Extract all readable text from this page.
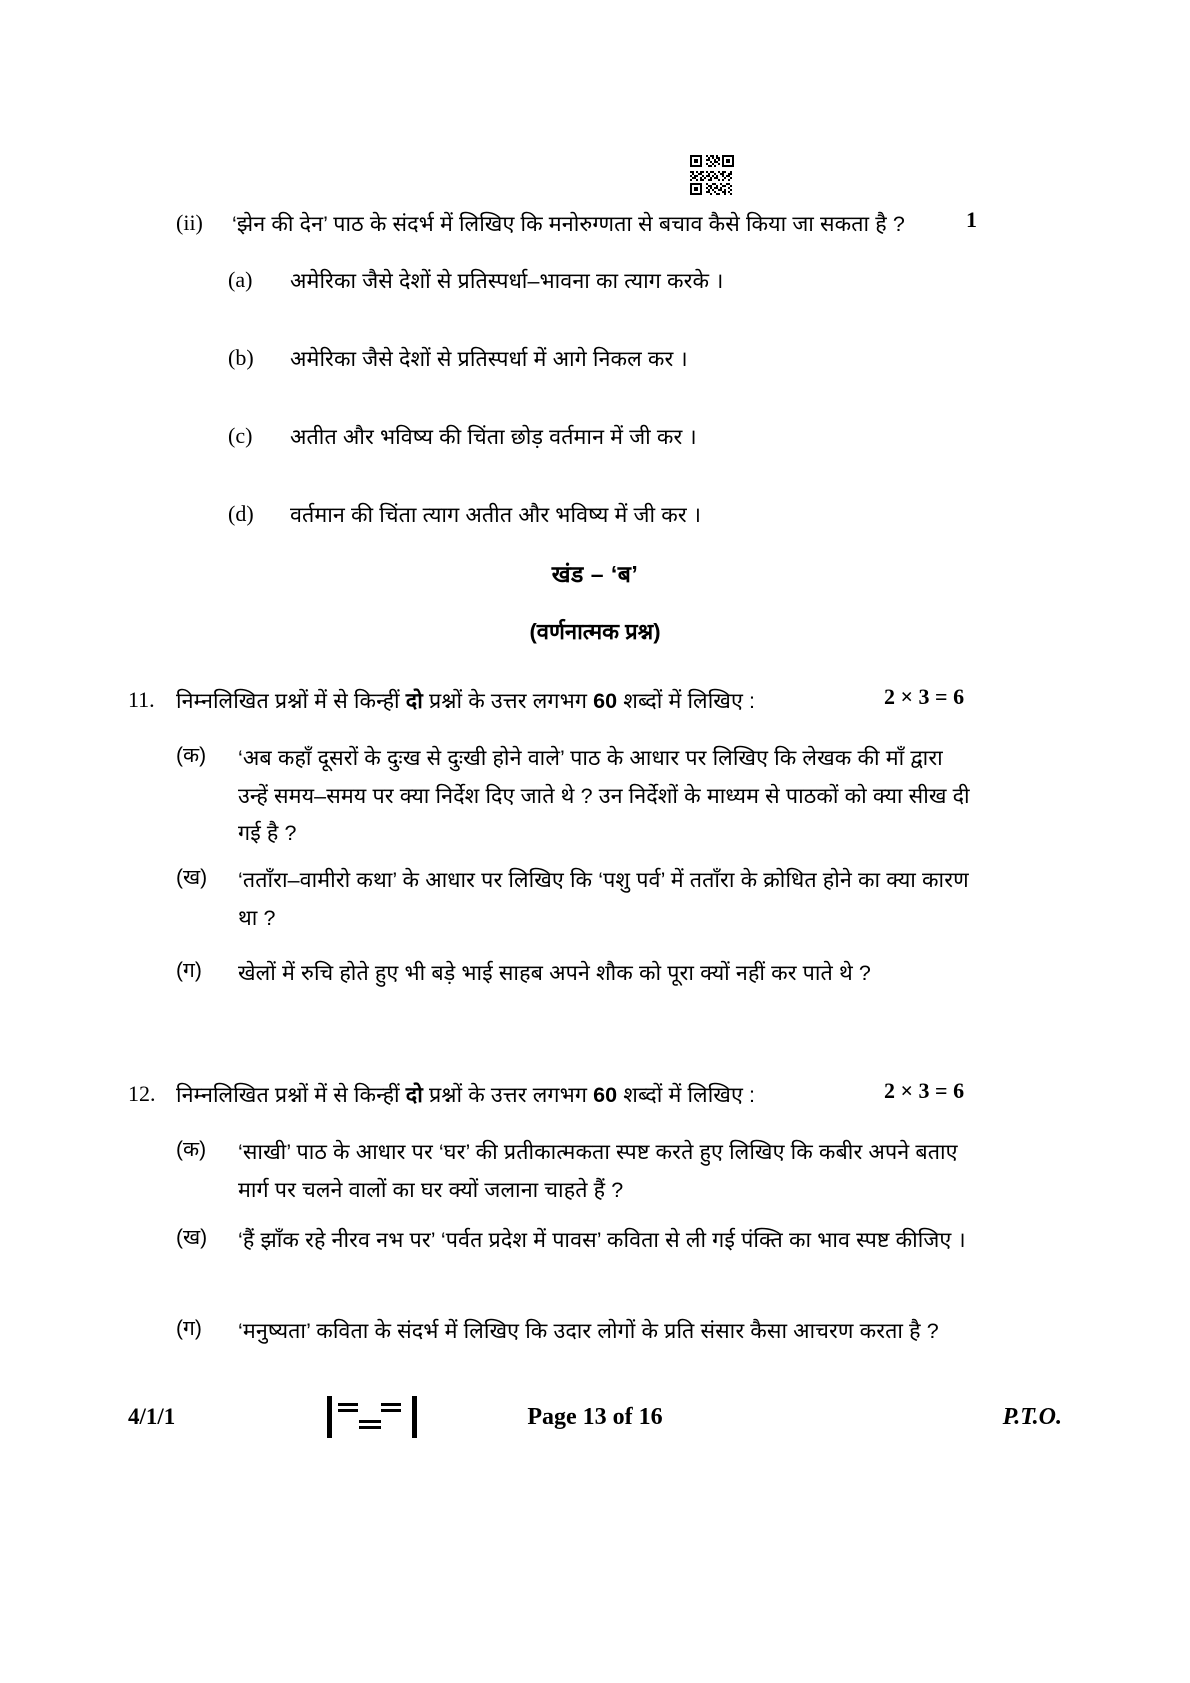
(ii)	‘झेन की देन’ पाठ के संदर्भ में लिखिए कि मनोरुग्णता से बचाव कैसे किया जा सकता है ?	1
(a)	अमेरिका जैसे देशों से प्रतिस्पर्धा–भावना का त्याग करके ।
(b)	अमेरिका जैसे देशों से प्रतिस्पर्धा में आगे निकल कर ।
(c)	अतीत और भविष्य की चिंता छोड़ वर्तमान में जी कर ।
(d)	वर्तमान की चिंता त्याग अतीत और भविष्य में जी कर ।
खंड – ‘ब’
(वर्णनात्मक प्रश्न)
11. निम्नलिखित प्रश्नों में से किन्हीं दो प्रश्नों के उत्तर लगभग 60 शब्दों में लिखिए :	2 × 3 = 6
(क)	‘अब कहाँ दूसरों के दुःख से दुःखी होने वाले’ पाठ के आधार पर लिखिए कि लेखक की माँ द्वारा उन्हें समय–समय पर क्या निर्देश दिए जाते थे ? उन निर्देशों के माध्यम से पाठकों को क्या सीख दी गई है ?
(ख)	‘तताँरा–वामीरो कथा’ के आधार पर लिखिए कि ‘पशु पर्व’ में तताँरा के क्रोधित होने का क्या कारण था ?
(ग)	खेलों में रुचि होते हुए भी बड़े भाई साहब अपने शौक को पूरा क्यों नहीं कर पाते थे ?
12. निम्नलिखित प्रश्नों में से किन्हीं दो प्रश्नों के उत्तर लगभग 60 शब्दों में लिखिए :	2 × 3 = 6
(क)	‘साखी’ पाठ के आधार पर ‘घर’ की प्रतीकात्मकता स्पष्ट करते हुए लिखिए कि कबीर अपने बताए मार्ग पर चलने वालों का घर क्यों जलाना चाहते हैं ?
(ख)	‘हैं झाँक रहे नीरव नभ पर’ ‘पर्वत प्रदेश में पावस’ कविता से ली गई पंक्ति का भाव स्पष्ट कीजिए ।
(ग)	‘मनुष्यता’ कविता के संदर्भ में लिखिए कि उदार लोगों के प्रति संसार कैसा आचरण करता है ?
4/1/1	Page 13 of 16	P.T.O.
